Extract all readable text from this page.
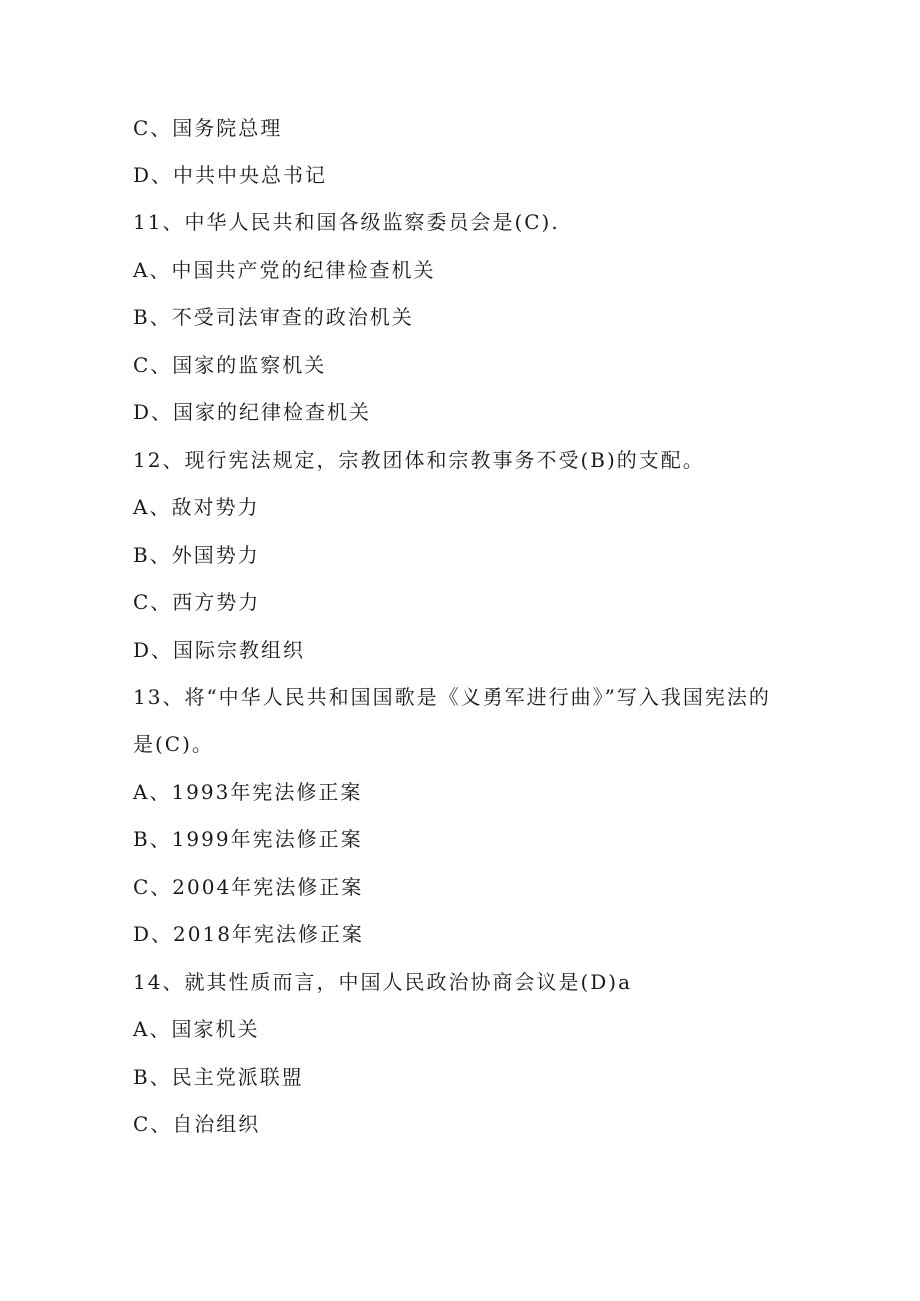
C、国务院总理
D、中共中央总书记
11、中华人民共和国各级监察委员会是(C).
A、中国共产党的纪律检查机关
B、不受司法审查的政治机关
C、国家的监察机关
D、国家的纪律检查机关
12、现行宪法规定，宗教团体和宗教事务不受(B)的支配。
A、敌对势力
B、外国势力
C、西方势力
D、国际宗教组织
13、将“中华人民共和国国歌是《义勇军进行曲》”写入我国宪法的
是(C)。
A、1993年宪法修正案
B、1999年宪法修正案
C、2004年宪法修正案
D、2018年宪法修正案
14、就其性质而言，中国人民政治协商会议是(D)a
A、国家机关
B、民主党派联盟
C、自治组织
